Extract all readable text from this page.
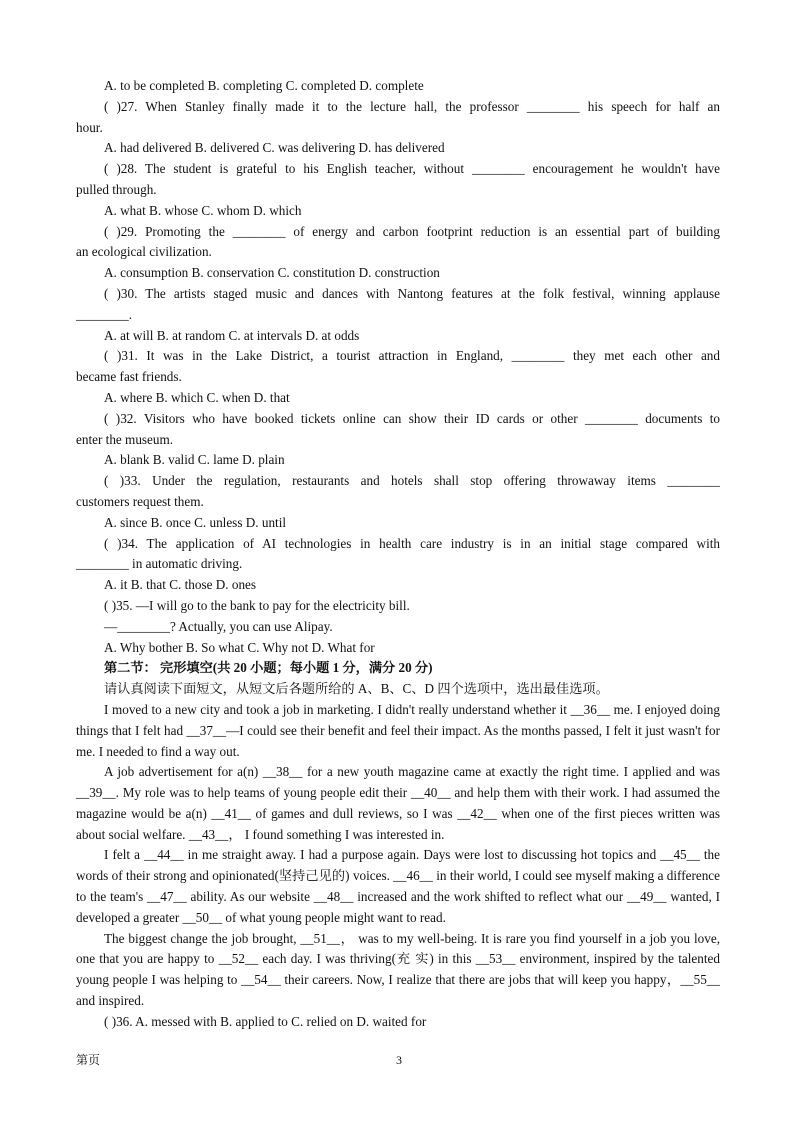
A. to be completed B. completing C. completed D. complete
( )27. When Stanley finally made it to the lecture hall, the professor ________ his speech for half an
hour.
A. had delivered B. delivered C. was delivering D. has delivered
( )28. The student is grateful to his English teacher, without ________ encouragement he wouldn't have
pulled through.
A. what B. whose C. whom D. which
( )29. Promoting the ________ of energy and carbon footprint reduction is an essential part of building
an ecological civilization.
A. consumption B. conservation C. constitution D. construction
( )30. The artists staged music and dances with Nantong features at the folk festival, winning applause
________.
A. at will B. at random C. at intervals D. at odds
( )31. It was in the Lake District, a tourist attraction in England, ________ they met each other and
became fast friends.
A. where B. which C. when D. that
( )32. Visitors who have booked tickets online can show their ID cards or other ________ documents to
enter the museum.
A. blank B. valid C. lame D. plain
( )33. Under the regulation, restaurants and hotels shall stop offering throwaway items ________
customers request them.
A. since B. once C. unless D. until
( )34. The application of AI technologies in health care industry is in an initial stage compared with
________ in automatic driving.
A. it B. that C. those D. ones
( )35. —I will go to the bank to pay for the electricity bill.
—________? Actually, you can use Alipay.
A. Why bother B. So what C. Why not D. What for
第二节： 完形填空(共 20 小题；每小题 1 分，满分 20 分)
请认真阅读下面短文，从短文后各题所给的 A、B、C、D 四个选项中，选出最佳选项。
I moved to a new city and took a job in marketing. I didn't really understand whether it __36__ me. I enjoyed doing things that I felt had __37__—I could see their benefit and feel their impact. As the months passed, I felt it just wasn't for me. I needed to find a way out.
A job advertisement for a(n) __38__ for a new youth magazine came at exactly the right time. I applied and was __39__. My role was to help teams of young people edit their __40__ and help them with their work. I had assumed the magazine would be a(n) __41__ of games and dull reviews, so I was __42__ when one of the first pieces written was about social welfare. __43__， I found something I was interested in.
I felt a __44__ in me straight away. I had a purpose again. Days were lost to discussing hot topics and __45__ the words of their strong and opinionated(坚持己见的) voices. __46__ in their world, I could see myself making a difference to the team's __47__ ability. As our website __48__ increased and the work shifted to reflect what our __49__ wanted, I developed a greater __50__ of what young people might want to read.
The biggest change the job brought, __51__， was to my well-being. It is rare you find yourself in a job you love, one that you are happy to __52__ each day. I was thriving(充 实) in this __53__ environment, inspired by the talented young people I was helping to __54__ their careers. Now, I realize that there are jobs that will keep you happy，__55__ and inspired.
( )36. A. messed with B. applied to C. relied on D. waited for
第页	3
